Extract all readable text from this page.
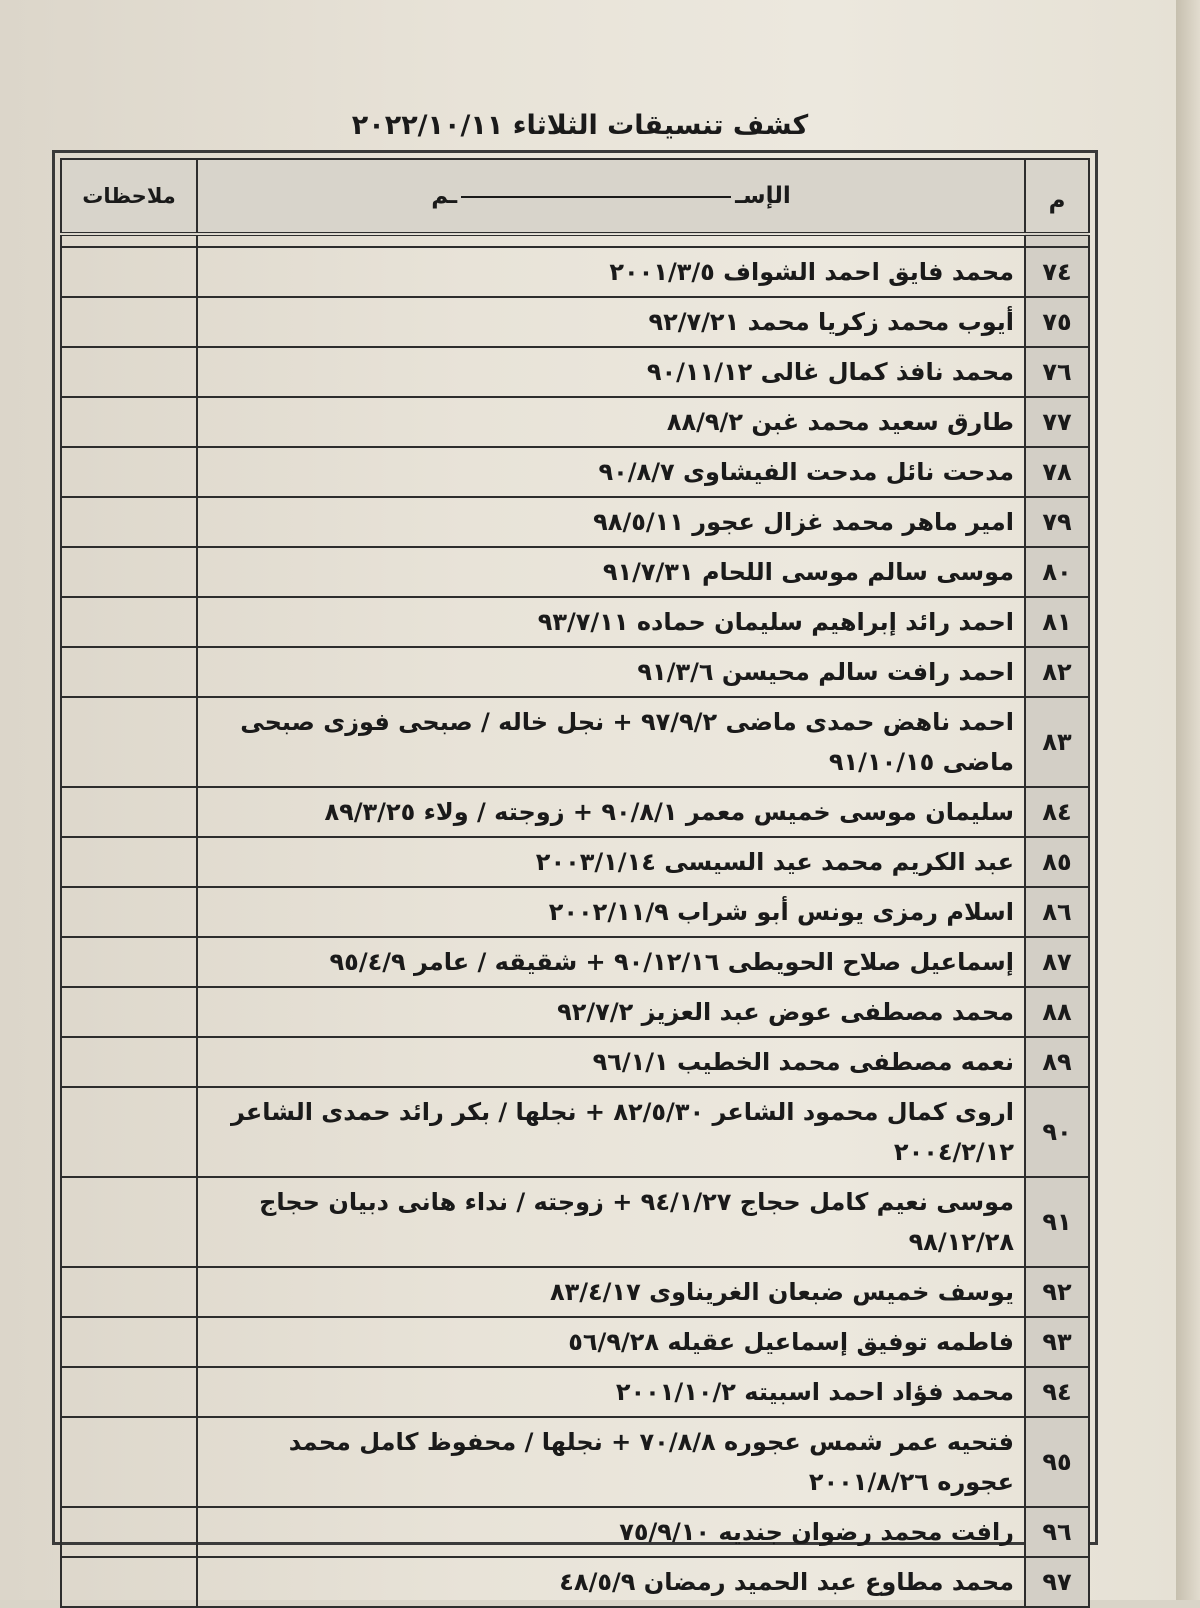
كشف تنسيقات الثلاثاء ٢٠٢٢/١٠/١١
م	الإســم	ملاحظات

٧٤	محمد فايق احمد الشواف ٢٠٠١/٣/٥	
٧٥	أيوب محمد زكريا محمد ٩٢/٧/٢١	
٧٦	محمد نافذ كمال غالى ٩٠/١١/١٢	
٧٧	طارق سعيد محمد غبن ٨٨/٩/٢	
٧٨	مدحت نائل مدحت الفيشاوى ٩٠/٨/٧	
٧٩	امير ماهر محمد غزال عجور ٩٨/٥/١١	
٨٠	موسى سالم موسى اللحام ٩١/٧/٣١	
٨١	احمد رائد إبراهيم سليمان حماده ٩٣/٧/١١	
٨٢	احمد رافت سالم محيسن ٩١/٣/٦	
٨٣	احمد ناهض حمدى ماضى ٩٧/٩/٢ + نجل خاله / صبحى فوزى صبحى ماضى ٩١/١٠/١٥	
٨٤	سليمان موسى خميس معمر ٩٠/٨/١ + زوجته / ولاء ٨٩/٣/٢٥	
٨٥	عبد الكريم محمد عيد السيسى ٢٠٠٣/١/١٤	
٨٦	اسلام رمزى يونس أبو شراب ٢٠٠٢/١١/٩	
٨٧	إسماعيل صلاح الحويطى ٩٠/١٢/١٦ + شقيقه / عامر ٩٥/٤/٩	
٨٨	محمد مصطفى عوض عبد العزيز ٩٢/٧/٢	
٨٩	نعمه مصطفى محمد الخطيب ٩٦/١/١	
٩٠	اروى كمال محمود الشاعر ٨٢/٥/٣٠ + نجلها / بكر رائد حمدى الشاعر ٢٠٠٤/٢/١٢	
٩١	موسى نعيم كامل حجاج ٩٤/١/٢٧ + زوجته / نداء هانى دبيان حجاج ٩٨/١٢/٢٨	
٩٢	يوسف خميس ضبعان الغريناوى ٨٣/٤/١٧	
٩٣	فاطمه توفيق إسماعيل عقيله ٥٦/٩/٢٨	
٩٤	محمد فؤاد احمد اسبيته ٢٠٠١/١٠/٢	
٩٥	فتحيه عمر شمس عجوره ٧٠/٨/٨ + نجلها / محفوظ كامل محمد عجوره ٢٠٠١/٨/٢٦	
٩٦	رافت محمد رضوان جنديه ٧٥/٩/١٠	
٩٧	محمد مطاوع عبد الحميد رمضان ٤٨/٥/٩	
